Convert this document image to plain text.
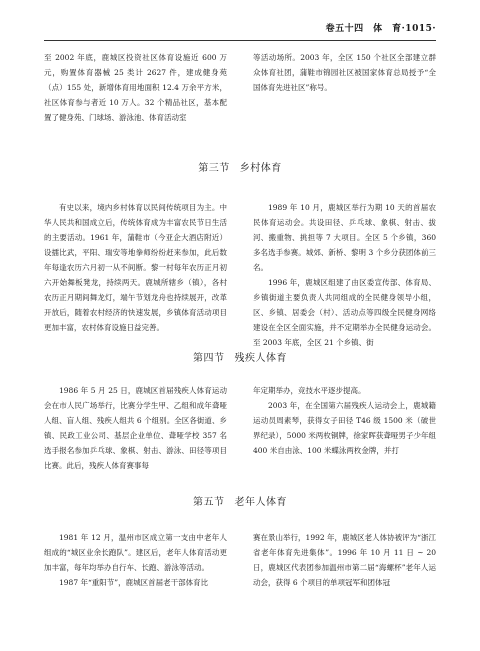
卷五十四　体　育·1015·

至 2002 年底，鹿城区投资社区体育设施近 600 万元，购置体育器械 25 类计 2627 件，建成健身苑（点）155 处，新增体育用地面积 12.4 万余平方米，社区体育参与者近 10 万人。32 个精品社区，基本配置了健身苑、门球场、游泳池、体育活动室

等活动场所。2003 年，全区 150 个社区全部建立群众体育社团，蒲鞋市锦园社区被国家体育总局授予“全国体育先进社区”称号。

第三节 乡村体育

有史以来，境内乡村体育以民间传统项目为主。中华人民共和国成立后，传统体育成为丰富农民节日生活的主要活动。1961 年，蒲鞋市（今亚企大酒店附近）设擂比武，平阳、瑞安等地拳师纷纷赶来参加，此后数年每逢农历六月初一从不间断。黎一村每年农历正月初六开始舞板凳龙，持续两天。鹿城所辖乡（镇），各村农历正月期间舞龙灯，端午节划龙舟也持续展开，改革开放后，随着农村经济的快速发展，乡镇体育活动项目更加丰富，农村体育设施日益完善。

1989 年 10 月，鹿城区举行为期 10 天的首届农民体育运动会。共设田径、乒乓球、象棋、射击、拔河、搬重物、挑担等 7 大项目。全区 5 个乡镇，360 多名选手参赛。城郊、新桥、黎明 3 个乡分获团体前三名。

1996 年，鹿城区组建了由区委宣传部、体育局、乡镇街道主要负责人共同组成的全民健身领导小组，区、乡镇、居委会（村）、活动点等四级全民健身网络建设在全区全面实施，并不定期举办全民健身运动会。至 2003 年底，全区 21 个乡镇、街

第四节 残疾人体育

1986 年 5 月 25 日，鹿城区首届残疾人体育运动会在市人民广场举行，比赛分学生甲、乙组和成年聋哑人组、盲人组、残疾人组共 6 个组别。全区各街道、乡镇、民政工业公司、基层企业单位、聋哑学校 357 名选手报名参加乒乓球、象棋、射击、游泳、田径等项目比赛。此后，残疾人体育赛事每

年定期举办，竞技水平逐步提高。

2003 年，在全国第六届残疾人运动会上，鹿城籍运动员周素琴，获得女子田径 T46 级 1500 米（破世界纪录），5000 米两枚铜牌，徐家晖获聋哑男子少年组 400 米自由泳、100 米蝶泳两枚金牌，并打

第五节 老年人体育

1981 年 12 月，温州市区成立第一支由中老年人组成的“城区业余长跑队”。建区后，老年人体育活动更加丰富，每年均举办自行车、长跑、游泳等活动。

1987 年“重阳节”，鹿城区首届老干部体育比

赛在景山举行，1992 年，鹿城区老人体协被评为“浙江省老年体育先进集体”。1996 年 10 月 11 日 ~ 20 日，鹿城区代表团参加温州市第二届“海螺杯”老年人运动会，获得 6 个项目的单项冠军和团体冠
